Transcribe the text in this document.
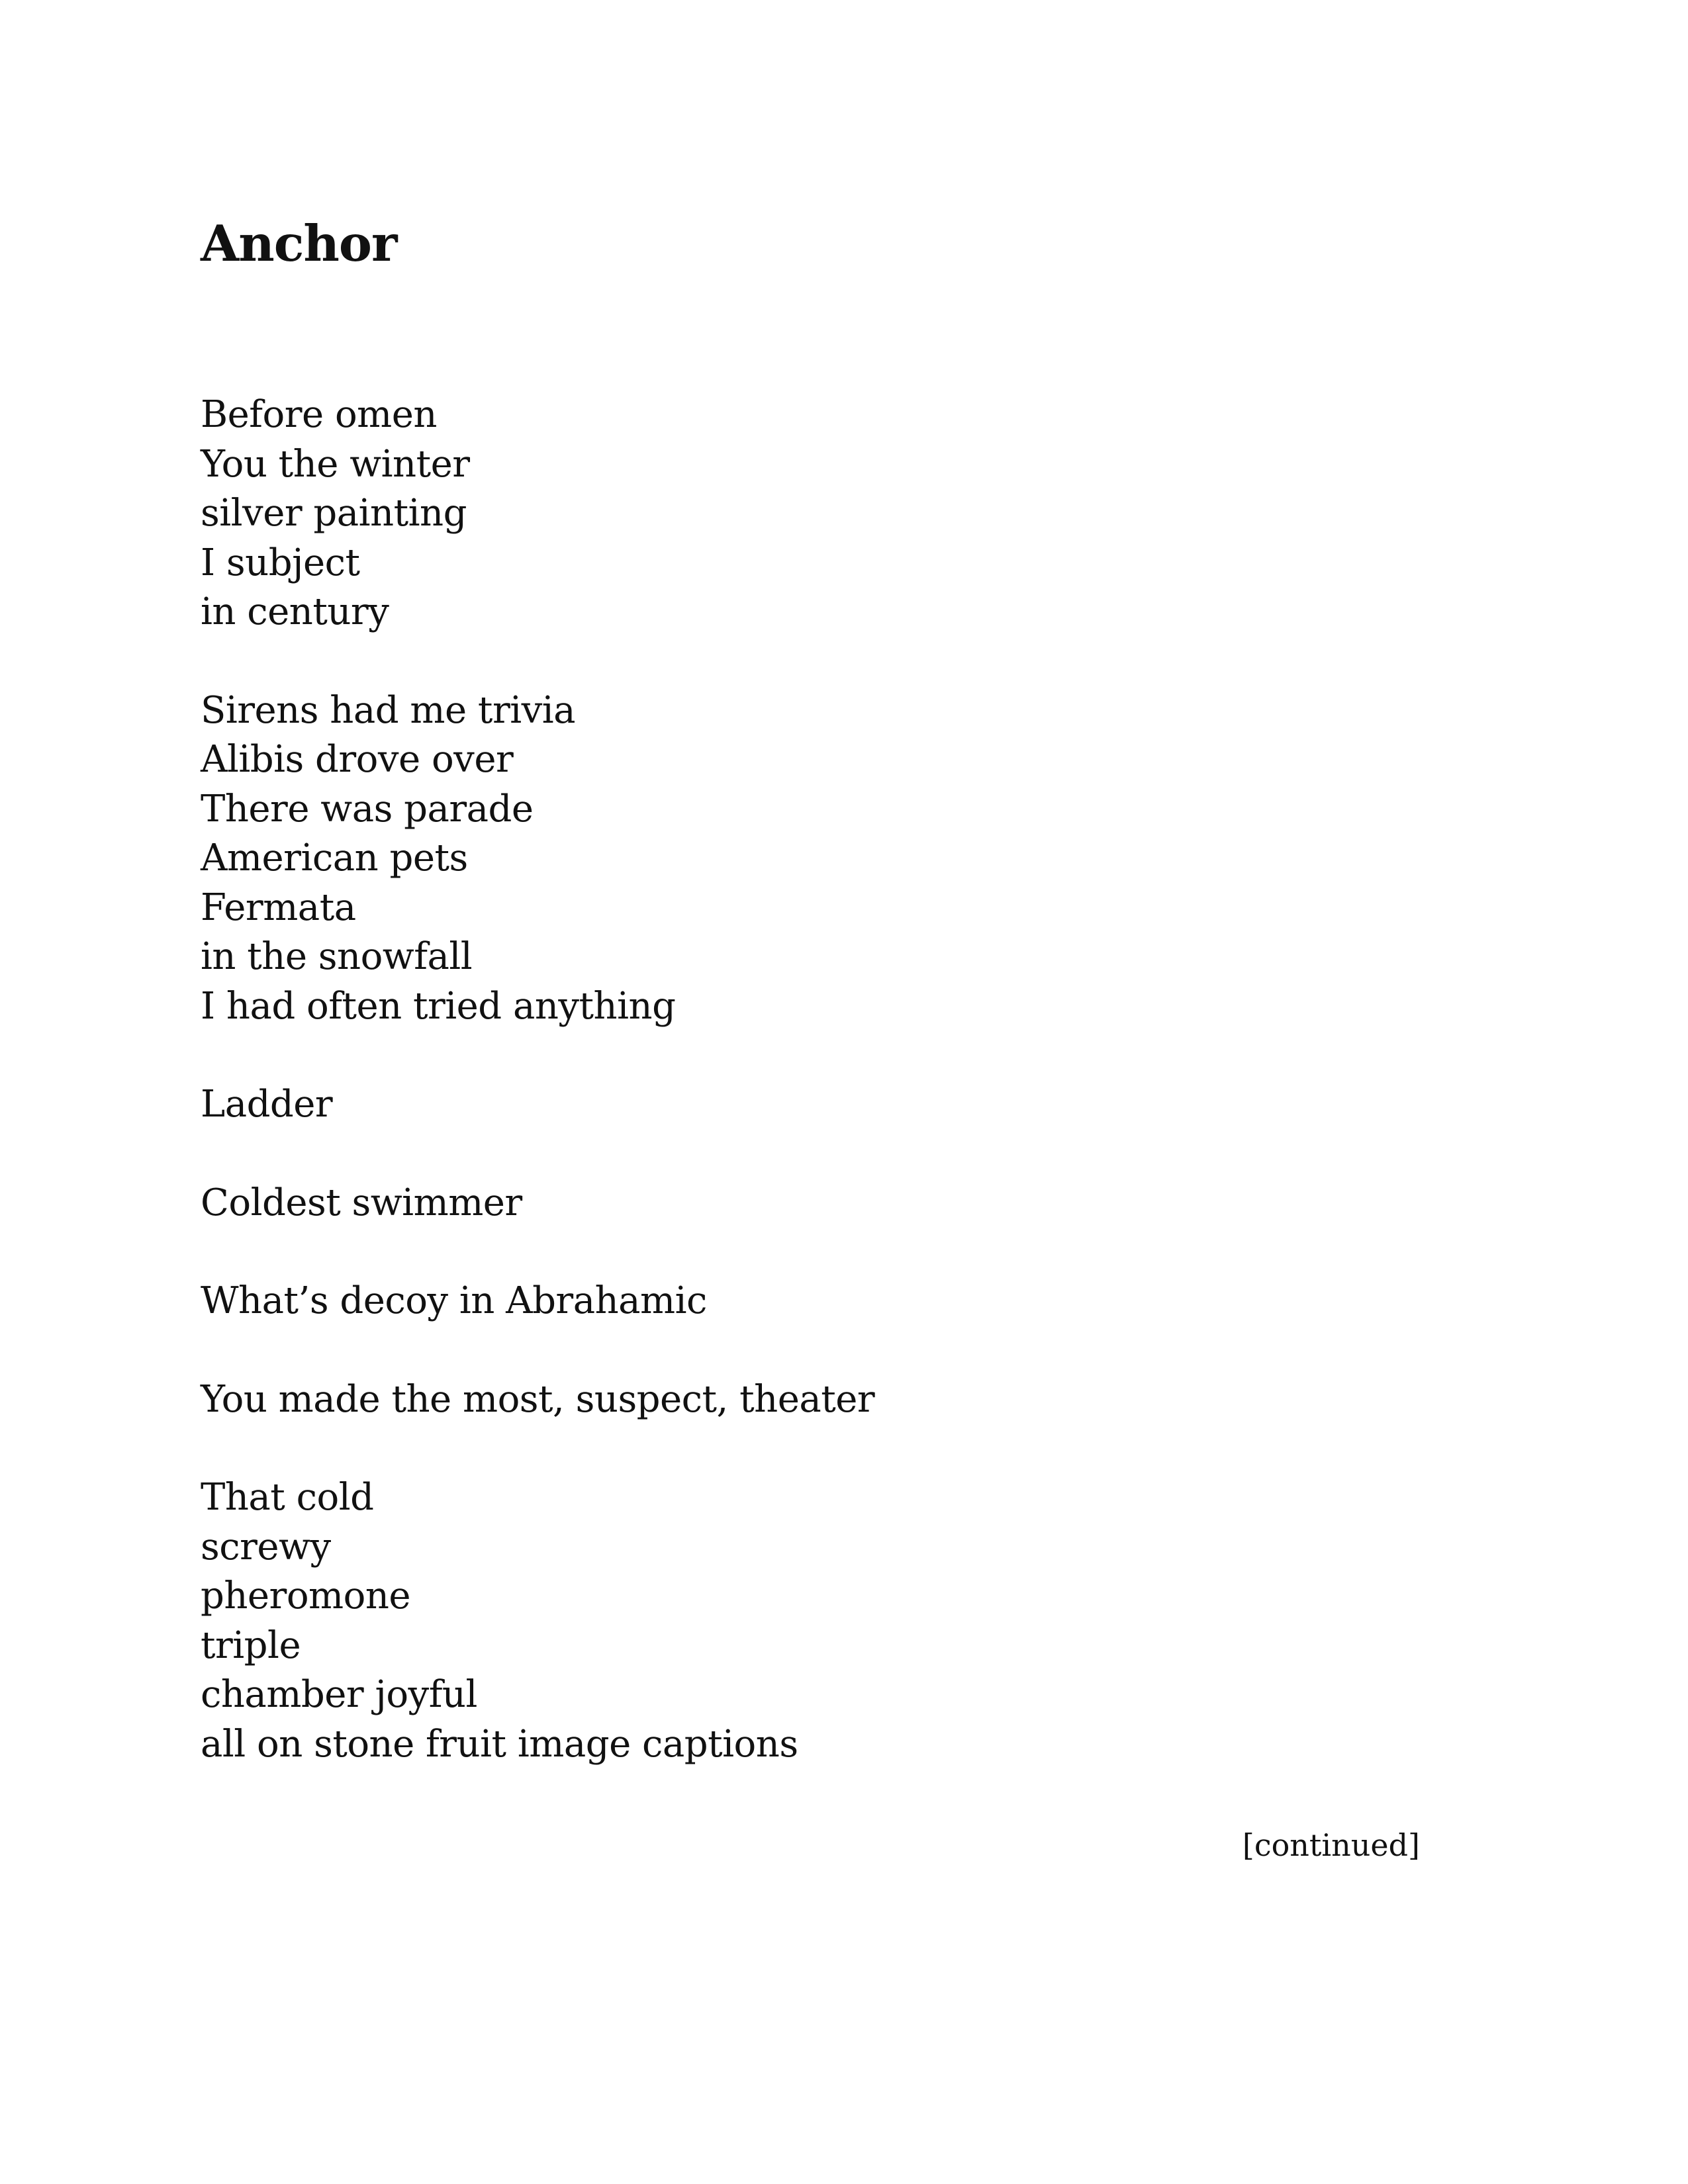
Anchor
Before omen
You the winter
silver painting
I subject
in century
Sirens had me trivia
Alibis drove over
There was parade
American pets
Fermata
in the snowfall
I had often tried anything
Ladder
Coldest swimmer
What’s decoy in Abrahamic
You made the most, suspect, theater
That cold
screwy
pheromone
triple
chamber joyful
all on stone fruit image captions
[continued]
